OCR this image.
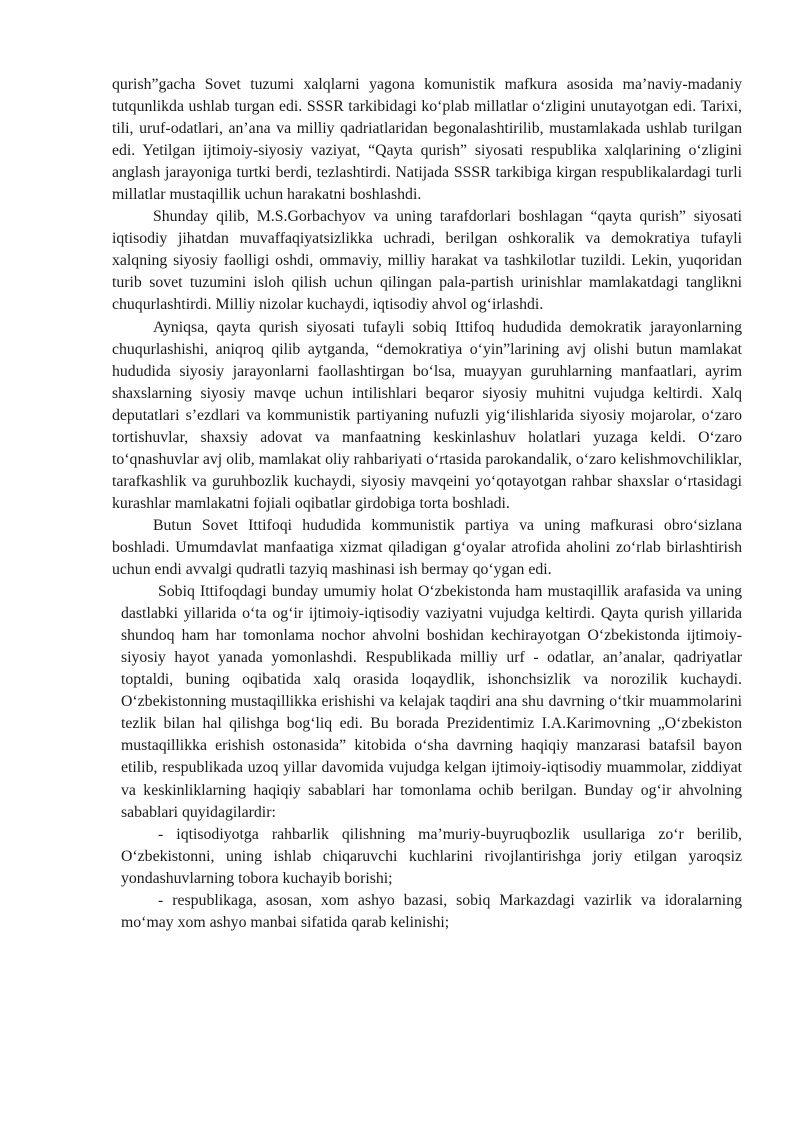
qurish”gacha Sovet tuzumi xalqlarni yagona komunistik mafkura asosida ma’naviy-madaniy tutqunlikda ushlab turgan edi. SSSR tarkibidagi ko‘plab millatlar o‘zligini unutayotgan edi. Tarixi, tili, uruf-odatlari, an’ana va milliy qadriatlaridan begonalashtirilib, mustamlakada ushlab turilgan edi. Yetilgan ijtimoiy-siyosiy vaziyat, “Qayta qurish” siyosati respublika xalqlarining o‘zligini anglash jarayoniga turtki berdi, tezlashtirdi. Natijada SSSR tarkibiga kirgan respublikalardagi turli millatlar mustaqillik uchun harakatni boshlashdi.

Shunday qilib, M.S.Gorbachyov va uning tarafdorlari boshlagan “qayta qurish” siyosati iqtisodiy jihatdan muvaffaqiyatsizlikka uchradi, berilgan oshkoralik va demokratiya tufayli xalqning siyosiy faolligi oshdi, ommaviy, milliy harakat va tashkilotlar tuzildi. Lekin, yuqoridan turib sovet tuzumini isloh qilish uchun qilingan pala-partish urinishlar mamlakatdagi tanglikni chuqurlashtirdi. Milliy nizolar kuchaydi, iqtisodiy ahvol og‘irlashdi.

Ayniqsa, qayta qurish siyosati tufayli sobiq Ittifoq hududida demokratik jarayonlarning chuqurlashishi, aniqroq qilib aytganda, “demokratiya o‘yin”larining avj olishi butun mamlakat hududida siyosiy jarayonlarni faollashtirgan bo‘lsa, muayyan guruhlarning manfaatlari, ayrim shaxslarning siyosiy mavqe uchun intilishlari beqaror siyosiy muhitni vujudga keltirdi. Xalq deputatlari s’ezdlari va kommunistik partiyaning nufuzli yig‘ilishlarida siyosiy mojarolar, o‘zaro tortishuvlar, shaxsiy adovat va manfaatning keskinlashuv holatlari yuzaga keldi. O‘zaro to‘qnashuvlar avj olib, mamlakat oliy rahbariyati o‘rtasida parokandalik, o‘zaro kelishmovchiliklar, tarafkashlik va guruhbozlik kuchaydi, siyosiy mavqeini yo‘qotayotgan rahbar shaxslar o‘rtasidagi kurashlar mamlakatni fojiali oqibatlar girdobiga torta boshladi.

Butun Sovet Ittifoqi hududida kommunistik partiya va uning mafkurasi obro‘sizlana boshladi. Umumdavlat manfaatiga xizmat qiladigan g‘oyalar atrofida aholini zo‘rlab birlashtirish uchun endi avvalgi qudratli tazyiq mashinasi ish bermay qo‘ygan edi.

Sobiq Ittifoqdagi bunday umumiy holat O‘zbekistonda ham mustaqillik arafasida va uning dastlabki yillarida o‘ta og‘ir ijtimoiy-iqtisodiy vaziyatni vujudga keltirdi. Qayta qurish yillarida shundoq ham har tomonlama nochor ahvolni boshidan kechirayotgan O‘zbekistonda ijtimoiy-siyosiy hayot yanada yomonlashdi. Respublikada milliy urf - odatlar, an’analar, qadriyatlar toptaldi, buning oqibatida xalq orasida loqaydlik, ishonchsizlik va norozilik kuchaydi. O‘zbekistonning mustaqillikka erishishi va kelajak taqdiri ana shu davrning o‘tkir muammolarini tezlik bilan hal qilishga bog‘liq edi. Bu borada Prezidentimiz I.A.Karimovning „O‘zbekiston mustaqillikka erishish ostonasida” kitobida o‘sha davrning haqiqiy manzarasi batafsil bayon etilib, respublikada uzoq yillar davomida vujudga kelgan ijtimoiy-iqtisodiy muammolar, ziddiyat va keskinliklarning haqiqiy sabablari har tomonlama ochib berilgan. Bunday og‘ir ahvolning sabablari quyidagilardir:

- iqtisodiyotga rahbarlik qilishning ma’muriy-buyruqbozlik usullariga zo‘r berilib, O‘zbekistonni, uning ishlab chiqaruvchi kuchlarini rivojlantirishga joriy etilgan yaroqsiz yondashuvlarning tobora kuchayib borishi;

- respublikaga, asosan, xom ashyo bazasi, sobiq Markazdagi vazirlik va idoralarning mo‘may xom ashyo manbai sifatida qarab kelinishi;
